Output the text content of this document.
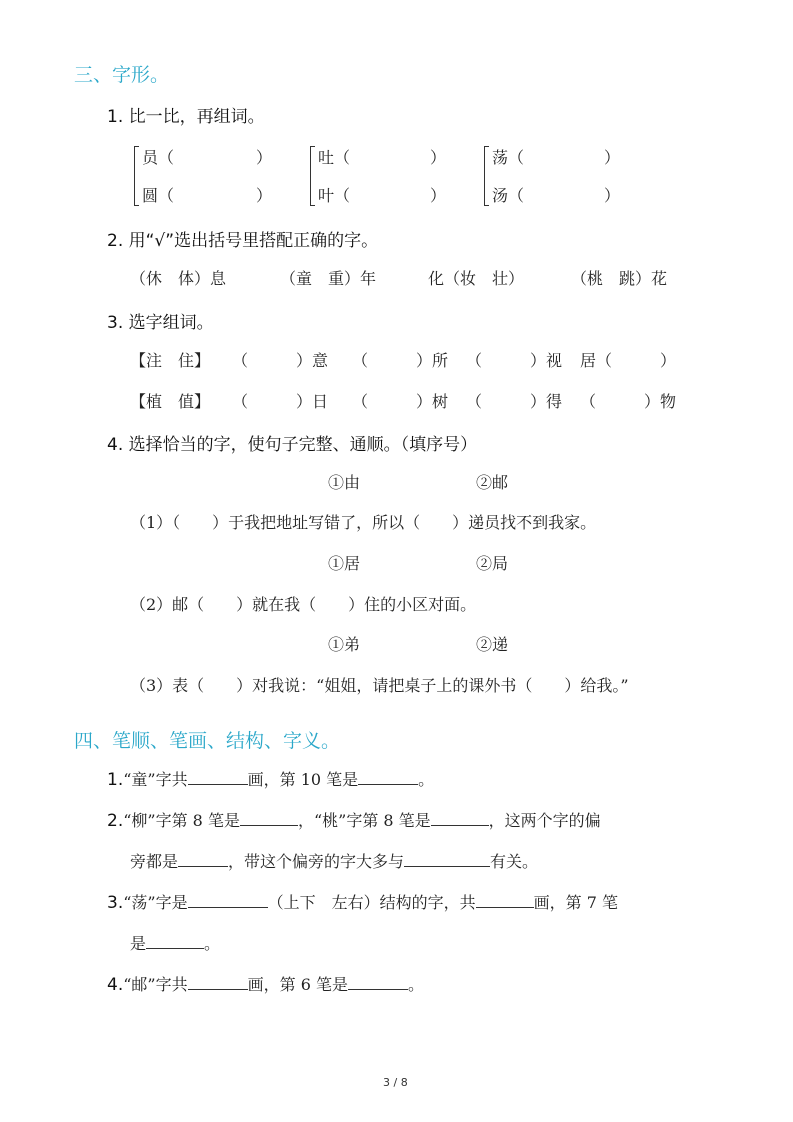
三、字形。
1. 比一比，再组词。
员（	）
圆（	）
吐（	）
叶（	）
荡（	）
汤（	）
2. 用“√”选出括号里搭配正确的字。
（休　体）息	（童　重）年	化（妆　壮）	（桃　跳）花
3. 选字组词。
【注　住】 （　　　）意 （　　　）所 （　　　）视 居（　　　）
【植　值】 （　　　）日 （　　　）树 （　　　）得 （　　　）物
4. 选择恰当的字，使句子完整、通顺。（填序号）
①由	②邮
（1）（　　）于我把地址写错了，所以（　　）递员找不到我家。
①居	②局
（2）邮（　　）就在我（　　）住的小区对面。
①弟	②递
（3）表（　　）对我说：“姐姐，请把桌子上的课外书（　　）给我。”
四、笔顺、笔画、结构、字义。
1.“童”字共	画，第 10 笔是	。
2.“柳”字第 8 笔是	，“桃”字第 8 笔是	，这两个字的偏
旁都是	，带这个偏旁的字大多与	有关。
3.“荡”字是	（上下　左右）结构的字，共	画，第 7 笔
是	。
4.“邮”字共	画，第 6 笔是	。
3 / 8
